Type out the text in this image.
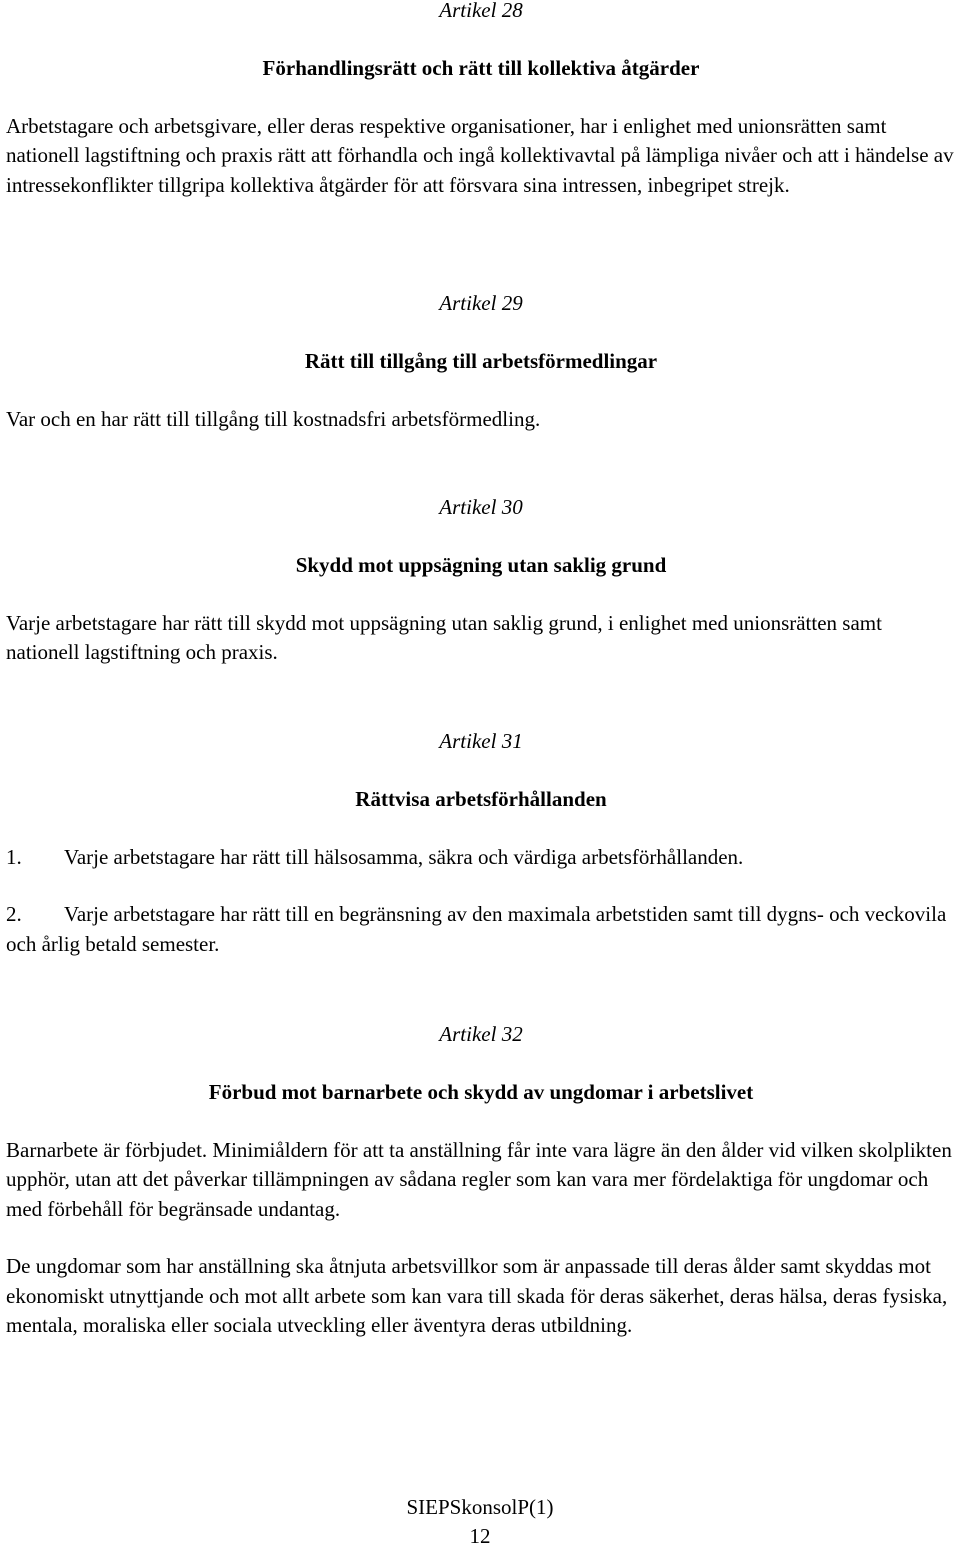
Artikel 28

Förhandlingsrätt och rätt till kollektiva åtgärder

Arbetstagare och arbetsgivare, eller deras respektive organisationer, har i enlighet med unionsrätten samt nationell lagstiftning och praxis rätt att förhandla och ingå kollektivavtal på lämpliga nivåer och att i händelse av intressekonflikter tillgripa kollektiva åtgärder för att försvara sina intressen, inbegripet strejk.

Artikel 29

Rätt till tillgång till arbetsförmedlingar

Var och en har rätt till tillgång till kostnadsfri arbetsförmedling.

Artikel 30

Skydd mot uppsägning utan saklig grund

Varje arbetstagare har rätt till skydd mot uppsägning utan saklig grund, i enlighet med unionsrätten samt nationell lagstiftning och praxis.

Artikel 31

Rättvisa arbetsförhållanden

1. Varje arbetstagare har rätt till hälsosamma, säkra och värdiga arbetsförhållanden.

2. Varje arbetstagare har rätt till en begränsning av den maximala arbetstiden samt till dygns- och veckovila och årlig betald semester.

Artikel 32

Förbud mot barnarbete och skydd av ungdomar i arbetslivet

Barnarbete är förbjudet. Minimiåldern för att ta anställning får inte vara lägre än den ålder vid vilken skolplikten upphör, utan att det påverkar tillämpningen av sådana regler som kan vara mer fördelaktiga för ungdomar och med förbehåll för begränsade undantag.

De ungdomar som har anställning ska åtnjuta arbetsvillkor som är anpassade till deras ålder samt skyddas mot ekonomiskt utnyttjande och mot allt arbete som kan vara till skada för deras säkerhet, deras hälsa, deras fysiska, mentala, moraliska eller sociala utveckling eller äventyra deras utbildning.

SIEPSkonsolP(1)
12
